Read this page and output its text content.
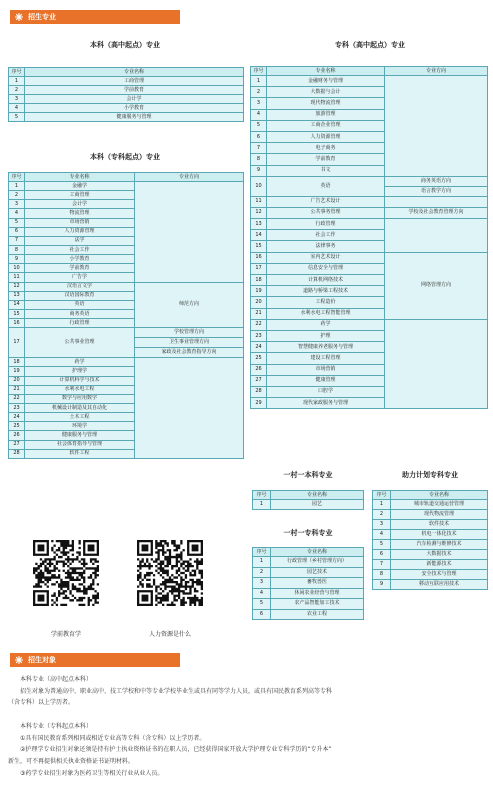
招生专业
本科（高中起点）专业
序号	专业名称
1	工商管理
2	学前教育
3	会计学
4	小学教育
5	健康服务与管理
本科（专科起点）专业
序号	专业名称	专业方向
1	金融学	
2	工商管理	
3	会计学	
4	物流管理	
5	市场营销	
6	人力资源管理	
7	法学	
8	社会工作	
9	小学教育	
10	学前教育	
11	广告学	
12	汉语言文学	师范方向
13	汉语国际教育	
14	英语	
15	商务英语	
16	行政管理	
17	公共事业管理	学校管理方向
卫生事业管理方向
家政及社会教育指导方向

18	药学	
19	护理学	
20	计算机科学与技术	
21	水利水电工程	
22	数学与应用数学	
23	机械设计制造及其自动化	
24	土木工程	
25	环境学	
26	健康服务与管理	
27	社会体育指导与管理	
28	软件工程	
专科（高中起点）专业
序号	专业名称	专业方向
1	金融财务与管理	
2	大数据与会计	
3	现代物流管理	
4	旅游管理	
5	工商企业管理	
6	人力资源管理	
7	电子商务	
8	学前教育	
9	书文	
10	英语	商务英语方向
语言教学方向

11	广告艺术设计	
12	公共事务管理	学校及社会教育管理方向
13	行政管理	
14	社会工作	
15	法律事务	
16	室内艺术设计	网络管理方向
17	信息安全与管理	
18	计算机网络技术	
19	道路与桥梁工程技术	
20	工程造价	
21	水利水电工程智能管理	
22	药学	
23	护理	
24	智慧健康养老服务与管理	
25	建设工程管理	
26	市场营销	
27	健康管理	
28	口腔学	
29	现代家政服务与管理	
一村一本科专业
序号	专业名称
1	园艺
一村一专科专业
序号	专业名称
1	行政管理（乡村管理方向）
2	园艺技术
3	畜牧兽医
4	休闲农业经营与管理
5	农产品智能加工技术
6	农业工程
助力计划专科专业
序号	专业名称
1	城市轨道交通运营管理
2	现代物流管理
3	软件技术
4	机电一体化技术
5	汽车检测与维修技术
6	大数据技术
7	新能源技术
8	安全技术与管理
9	移动互联应用技术
学前教育学	人力资源是什么
招生对象

本科专业（高中起点本科）

招生对象为普通高中、职业高中、技工学校和中等专业学校毕业生或具有同等学力人员，或具有国民教育系列高等专科

（含专科）以上学历者。

本科专业（专科起点本科）

①具有国民教育系列相同或相近专业高等专科（含专科）以上学历者。

②护理学专业招生对象还须是持有护士执业资格证书的在职人员，已经获得国家开放大学护理专业专科学历的“专升本”

新生，可不再提供相关执业资格证书证明材料。

③药学专业招生对象为医药卫生等相关行业从业人员。
